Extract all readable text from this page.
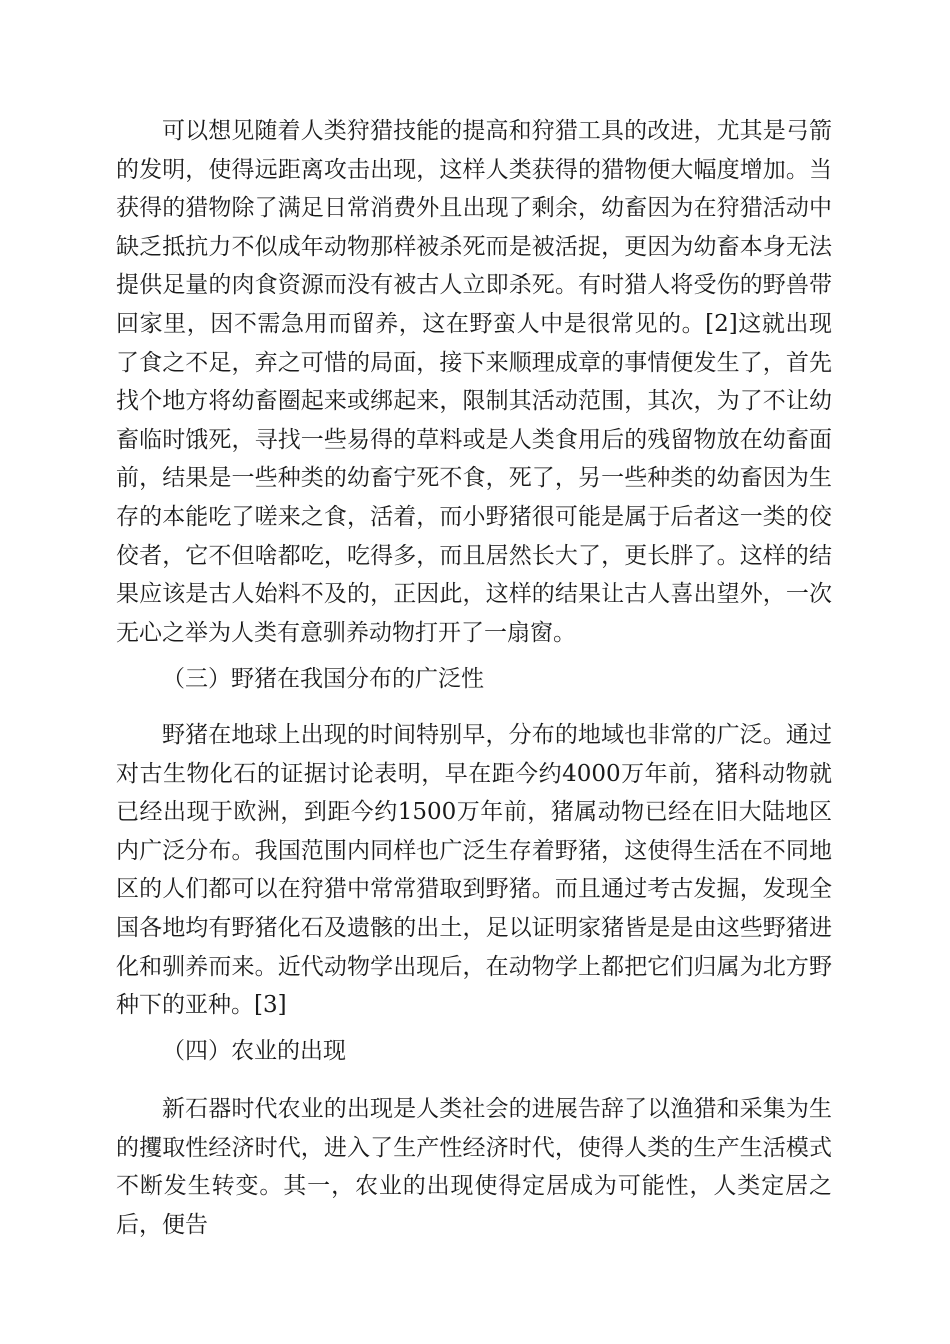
可以想见随着人类狩猎技能的提高和狩猎工具的改进，尤其是弓箭的发明，使得远距离攻击出现，这样人类获得的猎物便大幅度增加。当获得的猎物除了满足日常消费外且出现了剩余，幼畜因为在狩猎活动中缺乏抵抗力不似成年动物那样被杀死而是被活捉，更因为幼畜本身无法提供足量的肉食资源而没有被古人立即杀死。有时猎人将受伤的野兽带回家里，因不需急用而留养，这在野蛮人中是很常见的。[2]这就出现了食之不足，弃之可惜的局面，接下来顺理成章的事情便发生了，首先找个地方将幼畜圈起来或绑起来，限制其活动范围，其次，为了不让幼畜临时饿死，寻找一些易得的草料或是人类食用后的残留物放在幼畜面前，结果是一些种类的幼畜宁死不食，死了，另一些种类的幼畜因为生存的本能吃了嗟来之食，活着，而小野猪很可能是属于后者这一类的佼佼者，它不但啥都吃，吃得多，而且居然长大了，更长胖了。这样的结果应该是古人始料不及的，正因此，这样的结果让古人喜出望外，一次无心之举为人类有意驯养动物打开了一扇窗。

（三）野猪在我国分布的广泛性

野猪在地球上出现的时间特别早，分布的地域也非常的广泛。通过对古生物化石的证据讨论表明，早在距今约4000万年前，猪科动物就已经出现于欧洲，到距今约1500万年前，猪属动物已经在旧大陆地区内广泛分布。我国范围内同样也广泛生存着野猪，这使得生活在不同地区的人们都可以在狩猎中常常猎取到野猪。而且通过考古发掘，发现全国各地均有野猪化石及遗骸的出土，足以证明家猪皆是是由这些野猪进化和驯养而来。近代动物学出现后，在动物学上都把它们归属为北方野种下的亚种。[3]

（四）农业的出现

新石器时代农业的出现是人类社会的进展告辞了以渔猎和采集为生的攫取性经济时代，进入了生产性经济时代，使得人类的生产生活模式不断发生转变。其一，农业的出现使得定居成为可能性，人类定居之后，便告
